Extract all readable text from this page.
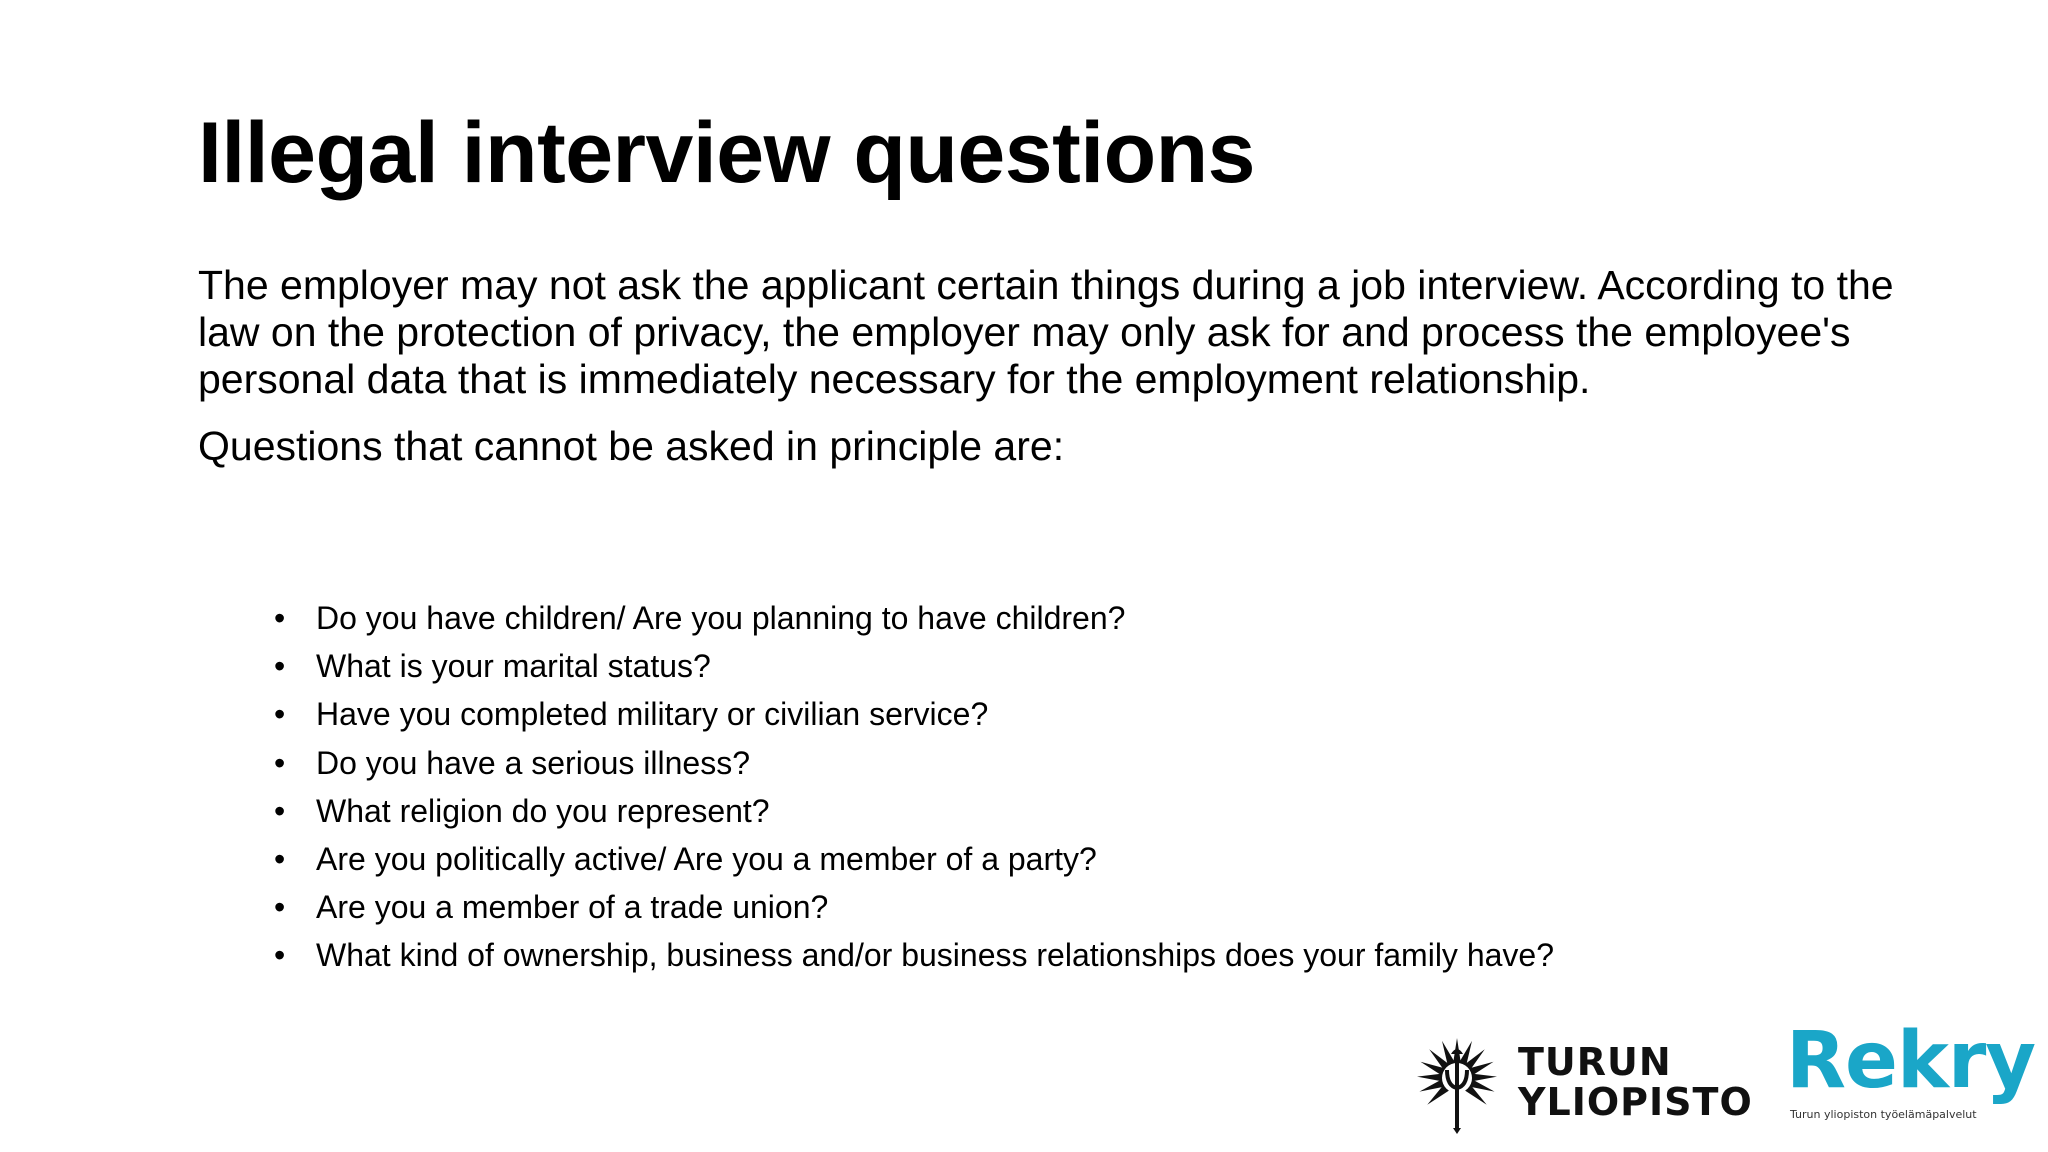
Illegal interview questions

The employer may not ask the applicant certain things during a job interview. According to the law on the protection of privacy, the employer may only ask for and process the employee's personal data that is immediately necessary for the employment relationship.

Questions that cannot be asked in principle are:

• Do you have children/ Are you planning to have children?
• What is your marital status?
• Have you completed military or civilian service?
• Do you have a serious illness?
• What religion do you represent?
• Are you politically active/ Are you a member of a party?
• Are you a member of a trade union?
• What kind of ownership, business and/or business relationships does your family have?
TURUN
YLIOPISTO Rekry
Turun yliopiston työelämäpalvelut
